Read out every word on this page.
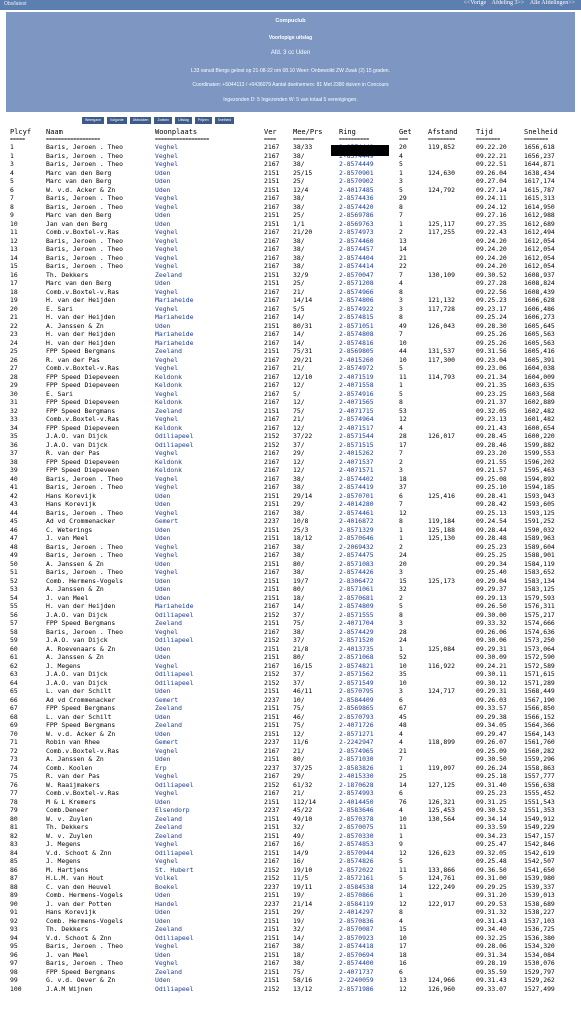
Obs/latest	<<Vorige Afdeling 3>> Alle Afdelingen>>
Compuclub
Voorlopige uitslag
Afd. 3 cc Uden
L33 vanuit Biergs gelost op 21-08-22 om 08.10 Weer: Onbewolkt ZW Zwak (2) 15 graden.
Coordinaten: +5044113 / +0436079 Aantal deelnemers: 81 Met 2380 duiven in Concours
Ingezonden D: 5 Ingezonden W: 5 van totaal 5 verenigingen.
Weergave	Volgorde	Afdrukken	Zoeken	Uitslag	Prijzen	Snelheid
Plcyf Naam	Woonplaats	Ver Mee/Prs Ring	Get Afstand	Tijd	Snelheid
=====	==================	==================	====	=======	==========	===	=========	========	========
1	Baris, Jeroen . Theo	Veghel	2167 38/33	20	119,852	09.22.20	1656,618
1	Baris, Jeroen . Theo	Veghel	2167 38/	4	09.22.21	1656,237
3	Baris, Jeroen . Theo	Veghel	2167 38/	2-8574449	5	09.22.51	1644,871
4	Marc van den Berg	Uden	2151 25/15	2-8570901	1	124,630	09.26.04	1638,434
5	Marc van den Berg	Uden	2151 25/	2-8570902	3	09.27.04	1617,174
6	W. v.d. Acker & Zn	Uden	2151 12/4	2-4017485	5	124,792	09.27.14	1615,787
7	Baris, Jeroen . Theo	Veghel	2167 38/	2-8574436	29	09.24.11	1615,313
8	Baris, Jeroen . Theo	Veghel	2167 38/	2-8574420	8	09.24.12	1614,950
9	Marc van den Berg	Uden	2151 25/	2-8569786	7	09.27.16	1612,988
10	Jan van den Berg	Uden	2151 1/1	2-8569763	1	125,117	09.27.35	1612,689
11	Comb.v.Boxtel-v.Ras	Veghel	2167 21/20	2-8574973	2	117,255	09.22.43	1612,494
12	Baris, Jeroen . Theo	Veghel	2167 38/	2-8574460	13	09.24.20	1612,054
13	Baris, Jeroen . Theo	Veghel	2167 38/	2-8574457	14	09.24.20	1612,054
14	Baris, Jeroen . Theo	Veghel	2167 38/	2-8574404	21	09.24.20	1612,054
15	Baris, Jeroen . Theo	Veghel	2167 38/	2-8574414	22	09.24.20	1612,054
16	Th. Dekkers	Zeeland	2151 32/9	2-8570047	7	130,109	09.30.52	1608,937
17	Marc van den Berg	Uden	2151 25/	2-8571208	4	09.27.28	1608,824
18	Comb.v.Boxtel-v.Ras	Veghel	2167 21/	2-8574966	8	09.22.56	1608,439
19	H. van der Heijden	Mariaheide	2167 14/14	2-8574806	3	121,132	09.25.23	1606,628
20	E. Sari	Veghel	2167 5/5	2-8574922	3	117,728	09.23.17	1606,486
21	H. van der Heijden	Mariaheide	2167 14/	2-8574815	8	09.25.24	1606,273
22	A. Janssen & Zn	Uden	2151 80/31	2-8571051	49	126,043	09.28.30	1605,645
23	H. van der Heijden	Mariaheide	2167 14/	2-8574808	7	09.25.26	1605,563
24	H. van der Heijden	Mariaheide	2167 14/	2-8574816	10	09.25.26	1605,563
25	FPP Speed Bergmans	Zeeland	2151 75/31	2-8569805	44	131,537	09.31.56	1605,416
26	R. van der Pas	Veghel	2167 29/21	2-4015260	10	117,300	09.23.04	1605,391
27	Comb.v.Boxtel-v.Ras	Veghel	2167 21/	2-8574972	5	09.23.06	1604,038
28	FPP Speed Diepeveen	Keldonk	2167 12/10	2-4071519	11	114,793	09.21.34	1604,009
29	FPP Speed Diepeveen	Keldonk	2167 12/	2-4071558	1	09.21.35	1603,635
30	E. Sari	Veghel	2167 5/	2-8574916	5	09.23.25	1603,568
31	FPP Speed Diepeveen	Keldonk	2167 12/	2-4071565	8	09.21.37	1602,889
32	FPP Speed Bergmans	Zeeland	2151 75/	2-4071715	53	09.32.05	1602,482
33	Comb.v.Boxtel-v.Ras	Veghel	2167 21/	2-8574964	12	09.23.13	1601,482
34	FPP Speed Diepeveen	Keldonk	2167 12/	2-4071517	4	09.21.43	1600,654
35	J.A.O. van Dijck	Odiliapeel	2152 37/22	2-8571544	28	126,017	09.28.45	1600,220
36	J.A.O. van Dijck	Odiliapeel	2152 37/	2-8571515	17	09.28.46	1599,882
37	R. van der Pas	Veghel	2167 29/	2-4015262	7	09.23.20	1599,553
38	FPP Speed Diepeveen	Keldonk	2167 12/	2-4071537	2	09.21.55	1596,202
39	FPP Speed Diepeveen	Keldonk	2167 12/	2-4071571	3	09.21.57	1595,463
40	Baris, Jeroen . Theo	Veghel	2167 38/	2-8574402	18	09.25.08	1594,892
41	Baris, Jeroen . Theo	Veghel	2167 38/	2-8574419	37	09.25.10	1594,185
42	Hans Korevijk	Uden	2151 29/14	2-8570701	6	125,416	09.28.41	1593,943
43	Hans Korevijk	Uden	2151 29/	2-4014280	7	09.28.42	1593,605
44	Baris, Jeroen . Theo	Veghel	2167 38/	2-8574461	12	09.25.13	1593,125
45	Ad vd Crommenacker	Gemert	2237 10/8	2-4016872	8	119,184	09.24.54	1591,252
46	C. Weterings	Uden	2151 25/3	2-8571329	1	125,188	09.28.44	1590,032
47	J. van Meel	Uden	2151 18/12	2-8570646	1	125,130	09.28.48	1589,963
48	Baris, Jeroen . Theo	Veghel	2167 38/	2-2069432	2	09.25.23	1589,604
49	Baris, Jeroen . Theo	Veghel	2167 38/	2-8574475	24	09.25.25	1588,901
50	A. Janssen & Zn	Uden	2151 80/	2-8571083	20	09.29.34	1584,119
51	Baris, Jeroen . Theo	Veghel	2167 38/	2-8574426	3	09.25.40	1583,652
52	Comb. Hermens-Vogels	Uden	2151 19/7	2-8306472	15	125,173	09.29.04	1583,134
53	A. Janssen & Zn	Uden	2151 80/	2-8571061	32	09.29.37	1583,125
54	J. van Meel	Uden	2151 18/	2-8570681	2	09.29.13	1579,593
55	H. van der Heijden	Mariaheide	2167 14/	2-8574809	5	09.26.50	1576,311
56	J.A.O. van Dijck	Odiliapeel	2152 37/	2-8571555	8	09.30.00	1575,217
57	FPP Speed Bergmans	Zeeland	2151 75/	2-4071704	3	09.33.32	1574,666
58	Baris, Jeroen . Theo	Veghel	2167 38/	2-8574429	28	09.26.06	1574,636
59	J.A.O. van Dijck	Odiliapeel	2152 37/	2-8571520	24	09.30.06	1573,250
60	A. Roevenaars & Zn	Uden	2151 21/8	2-4013735	1	125,084	09.29.31	1573,064
61	A. Janssen & Zn	Uden	2151 80/	2-8571068	52	09.30.09	1572,590
62	J. Megens	Veghel	2167 16/15	2-8574821	10	116,922	09.24.21	1572,589
63	J.A.O. van Dijck	Odiliapeel	2152 37/	2-8571562	35	09.30.11	1571,615
64	J.A.O. van Dijck	Odiliapeel	2152 37/	2-8571549	10	09.30.12	1571,289
65	L. van der Schilt	Uden	2151 46/11	2-8570795	3	124,717	09.29.31	1568,449
66	Ad vd Crommenacker	Gemert	2237 10/	2-8584409	6	09.26.03	1567,190
67	FPP Speed Bergmans	Zeeland	2151 75/	2-8569865	67	09.33.57	1566,850
68	L. van der Schilt	Uden	2151 46/	2-8570793	45	09.29.38	1566,152
69	FPP Speed Bergmans	Zeeland	2151 75/	2-4071726	48	09.34.05	1564,366
70	W. v.d. Acker & Zn	Uden	2151 12/	2-8571271	4	09.29.47	1564,143
71	Robin van Rhee	Gemert	2237 11/6	2-2242947	4	118,899	09.26.07	1561,760
72	Comb.v.Boxtel-v.Ras	Veghel	2167 21/	2-8574965	21	09.25.09	1560,282
73	A. Janssen & Zn	Uden	2151 80/	2-8571030	7	09.30.50	1559,296
74	Comb. Koolen	Erp	2237 37/25	2-8583826	1	119,097	09.26.24	1558,863
75	R. van der Pas	Veghel	2167 29/	2-4015330	25	09.25.18	1557,777
76	W. Raaijmakers	Odiliapeel	2152 61/32	2-1870628	14	127,125	09.31.40	1556,638
77	Comb.v.Boxtel-v.Ras	Veghel	2167 21/	2-8574993	6	09.25.23	1555,452
78	M & L Kremers	Uden	2151 112/14	2-4014450	76	126,321	09.31.25	1551,543
79	Comb.Deneer	Elsendorp	2237 45/22	2-8583646	4	125,453	09.30.52	1551,353
80	W. v. Zuylen	Zeeland	2151 49/10	2-8570378	10	130,564	09.34.14	1549,912
81	Th. Dekkers	Zeeland	2151 32/	2-8570075	11	09.33.59	1549,229
82	W. v. Zuylen	Zeeland	2151 49/	2-8570330	1	09.34.23	1547,157
83	J. Megens	Veghel	2167 16/	2-8574853	9	09.25.47	1542,846
84	V.d. Schoot & Znn	Odiliapeel	2151 14/9	2-8570944	12	126,623	09.32.05	1542,619
85	J. Megens	Veghel	2167 16/	2-8574826	5	09.25.48	1542,507
86	M. Hartjens	St. Hubert	2152 19/10	2-8572022	11	133,866	09.36.50	1541,650
87	H.L.M. van Hout	Volkel	2152 11/5	2-8572161	5	124,761	09.31.00	1539,980
88	C. van den Heuvel	Boekel	2237 19/11	2-8584538	14	122,249	09.29.25	1539,337
89	Comb. Hermens-Vogels	Uden	2151 19/	2-8570866	1	09.31.20	1539,013
90	J. van der Potten	Handel	2237 21/14	2-8584119	12	122,917	09.29.53	1538,689
91	Hans Korevijk	Uden	2151 29/	2-4014297	8	09.31.32	1538,227
92	Comb. Hermens-Vogels	Uden	2151 19/	2-8570836	4	09.31.43	1537,103
93	Th. Dekkers	Zeeland	2151 32/	2-8570087	15	09.34.40	1536,725
94	V.d. Schoot & Znn	Odiliapeel	2151 14/	2-8570923	10	09.32.25	1536,380
95	Baris, Jeroen . Theo	Veghel	2167 38/	2-8574418	17	09.28.06	1534,320
96	J. van Meel	Uden	2151 18/	2-8570694	18	09.31.34	1534,084
97	Baris, Jeroen . Theo	Veghel	2167 38/	2-8574400	16	09.28.19	1530,076
98	FPP Speed Bergmans	Zeeland	2151 75/	2-4071737	6	09.35.59	1529,797
99	G. v.d. Oever & Zn	Uden	2151 58/16	2-2240059	13	124,966	09.31.43	1529,262
100	J.A.M Wijnen	Odiliapeel	2152 13/12	2-8571986	12	126,960	09.33.07	1527,499
